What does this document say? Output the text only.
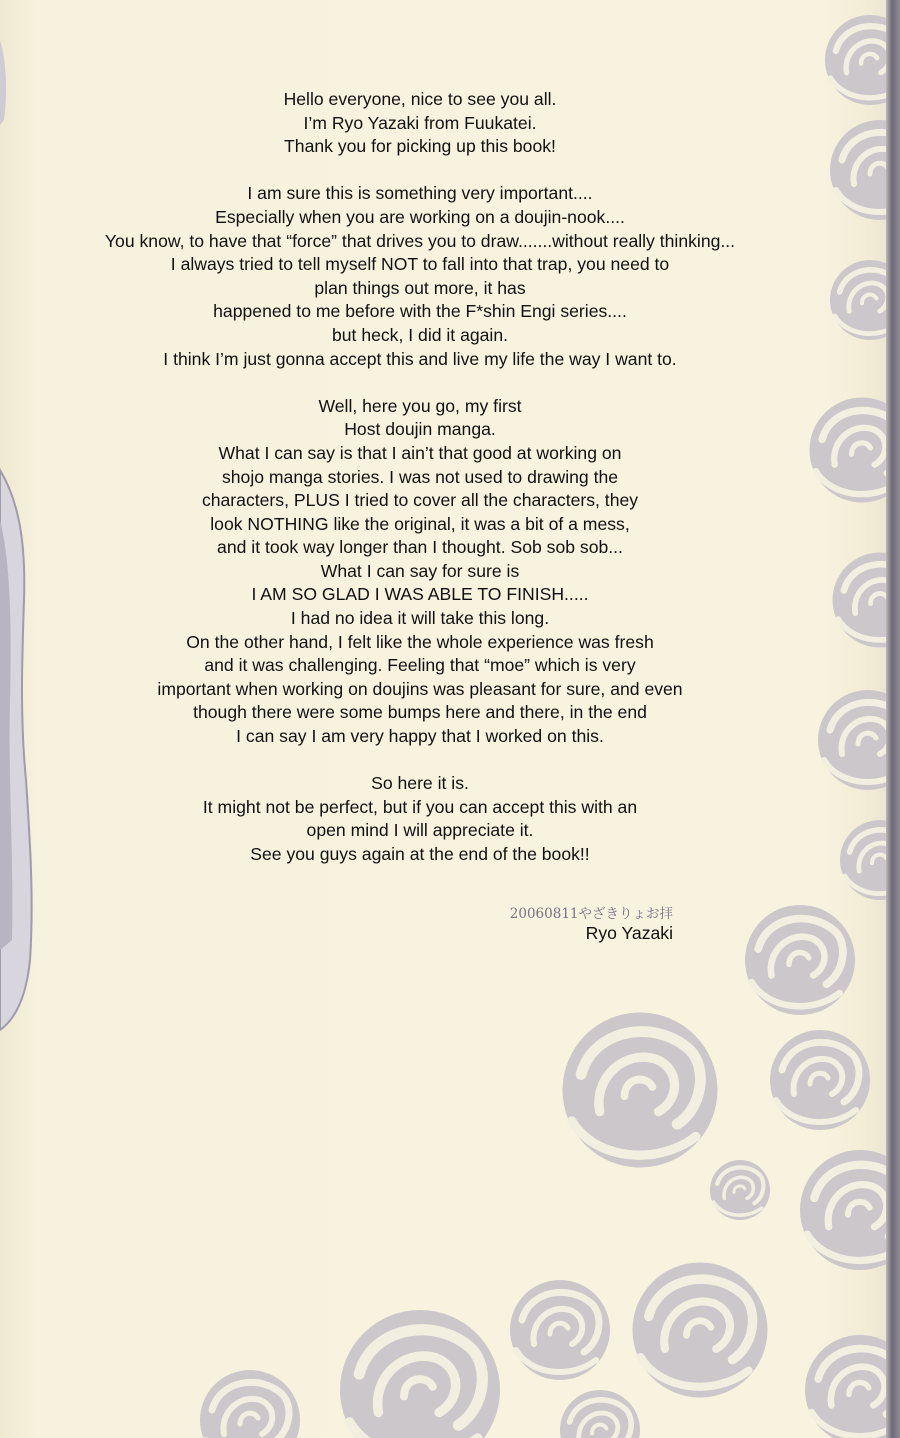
Hello everyone, nice to see you all.
I’m Ryo Yazaki from Fuukatei.
Thank you for picking up this book!
I am sure this is something very important....
Especially when you are working on a doujin-nook....
You know, to have that “force” that drives you to draw.......without really thinking...
I always tried to tell myself NOT to fall into that trap, you need to
plan things out more, it has
happened to me before with the F*shin Engi series....
but heck, I did it again.
I think I’m just gonna accept this and live my life the way I want to.
Well, here you go, my first
Host doujin manga.
What I can say is that I ain’t that good at working on
shojo manga stories. I was not used to drawing the
characters, PLUS I tried to cover all the characters, they
look NOTHING like the original, it was a bit of a mess,
and it took way longer than I thought. Sob sob sob...
What I can say for sure is
I AM SO GLAD I WAS ABLE TO FINISH.....
I had no idea it will take this long.
On the other hand, I felt like the whole experience was fresh
and it was challenging. Feeling that “moe” which is very
important when working on doujins was pleasant for sure, and even
though there were some bumps here and there, in the end
I can say I am very happy that I worked on this.
So here it is.
It might not be perfect, but if you can accept this with an
open mind I will appreciate it.
See you guys again at the end of the book!!
20060811やざきりょお拝
Ryo Yazaki
